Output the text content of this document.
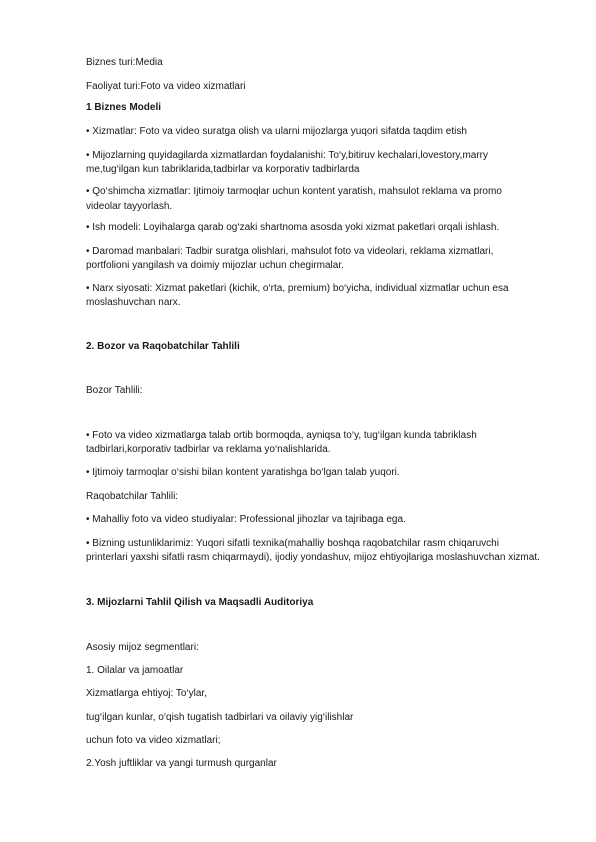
Biznes turi:Media
Faoliyat turi:Foto va video xizmatlari
1 Biznes Modeli
• Xizmatlar: Foto va video suratga olish va ularni mijozlarga yuqori sifatda taqdim etish
• Mijozlarning quyidagilarda xizmatlardan foydalanishi: To‘y,bitiruv kechalari,lovestory,marry
me,tug‘ilgan kun tabriklarida,tadbirlar va korporativ tadbirlarda
• Qo‘shimcha xizmatlar: Ijtimoiy tarmoqlar uchun kontent yaratish, mahsulot reklama va promo
videolar tayyorlash.
• Ish modeli: Loyihalarga qarab og‘zaki shartnoma asosda yoki xizmat paketlari orqali ishlash.
• Daromad manbalari: Tadbir suratga olishlari, mahsulot foto va videolari, reklama xizmatlari,
portfolioni yangilash va doimiy mijozlar uchun chegirmalar.
• Narx siyosati: Xizmat paketlari (kichik, o‘rta, premium) bo‘yicha, individual xizmatlar uchun esa
moslashuvchan narx.
2. Bozor va Raqobatchilar Tahlili
Bozor Tahlili:
• Foto va video xizmatlarga talab ortib bormoqda, ayniqsa to‘y, tug‘ilgan kunda tabriklash
tadbirlari,korporativ tadbirlar va reklama yo‘nalishlarida.
• Ijtimoiy tarmoqlar o‘sishi bilan kontent yaratishga bo‘lgan talab yuqori.
Raqobatchilar Tahlili:
• Mahalliy foto va video studiyalar: Professional jihozlar va tajribaga ega.
• Bizning ustunliklarimiz: Yuqori sifatli texnika(mahalliy boshqa raqobatchilar rasm chiqaruvchi
printerlari yaxshi sifatli rasm chiqarmaydi), ijodiy yondashuv, mijoz ehtiyojlariga moslashuvchan xizmat.
3. Mijozlarni Tahlil Qilish va Maqsadli Auditoriya
Asosiy mijoz segmentlari:
1. Oilalar va jamoatlar
Xizmatlarga ehtiyoj: To‘ylar,
tug‘ilgan kunlar, o‘qish tugatish tadbirlari va oilaviy yig‘ilishlar
uchun foto va video xizmatlari;
2.Yosh juftliklar va yangi turmush qurganlar
